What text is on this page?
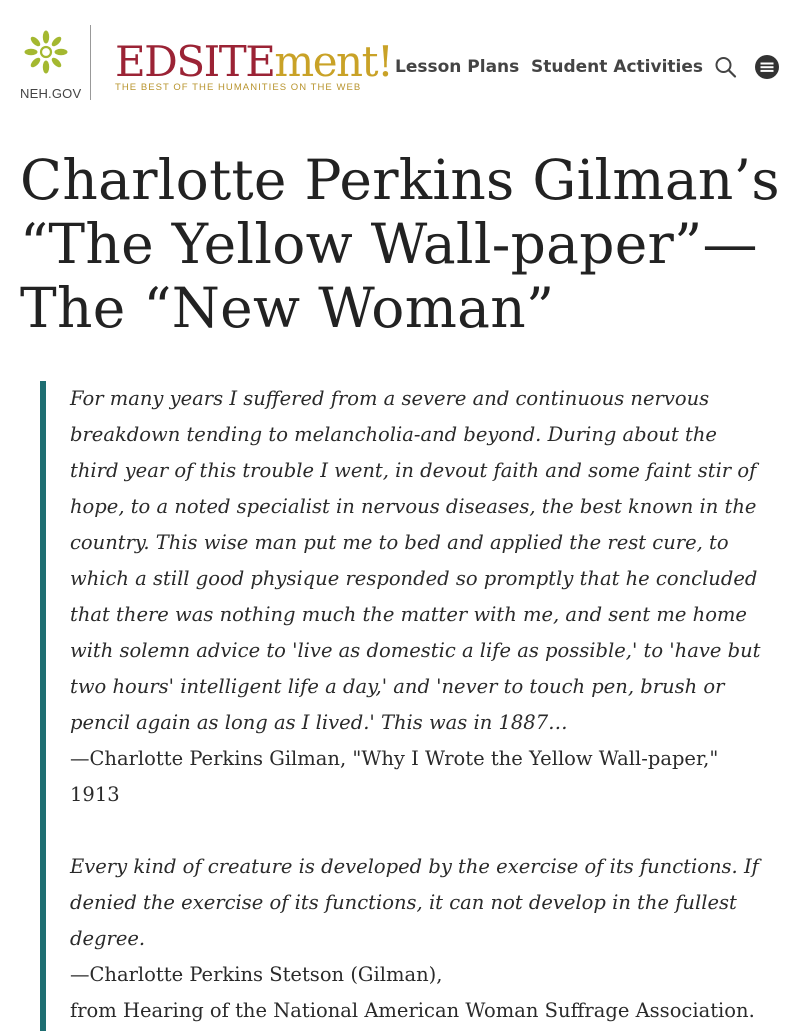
NEH.GOV
EDSITEment!
THE BEST OF THE HUMANITIES ON THE WEB
Lesson Plans Student Activities
Charlotte Perkins Gilman’s
“The Yellow Wall-paper”—
The “New Woman”

For many years I suffered from a severe and continuous nervous

breakdown tending to melancholia-and beyond. During about the

third year of this trouble I went, in devout faith and some faint stir of

hope, to a noted specialist in nervous diseases, the best known in the

country. This wise man put me to bed and applied the rest cure, to

which a still good physique responded so promptly that he concluded

that there was nothing much the matter with me, and sent me home

with solemn advice to 'live as domestic a life as possible,' to 'have but

two hours' intelligent life a day,' and 'never to touch pen, brush or

pencil again as long as I lived.' This was in 1887…

—Charlotte Perkins Gilman, "Why I Wrote the Yellow Wall-paper,"

1913

Every kind of creature is developed by the exercise of its functions. If

denied the exercise of its functions, it can not develop in the fullest

degree.

—Charlotte Perkins Stetson (Gilman),

from Hearing of the National American Woman Suffrage Association.
